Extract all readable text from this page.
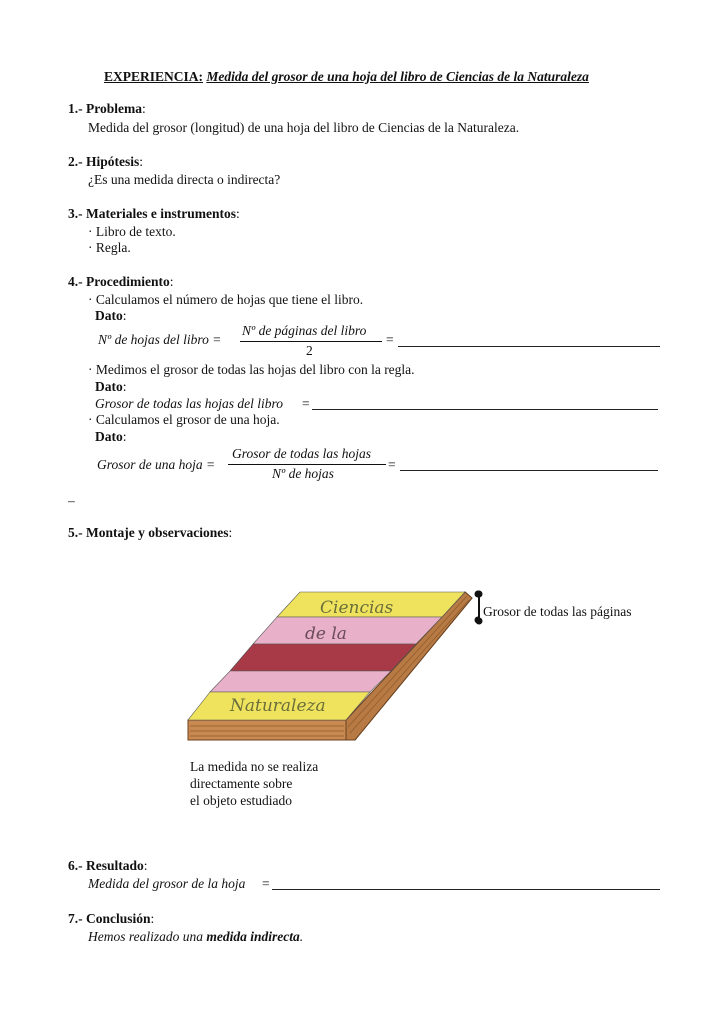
EXPERIENCIA: Medida del grosor de una hoja del libro de Ciencias de la Naturaleza
1.- Problema:
Medida del grosor (longitud) de una hoja del libro de Ciencias de la Naturaleza.
2.- Hipótesis:
¿Es una medida directa o indirecta?
3.- Materiales e instrumentos:
· Libro de texto.
· Regla.
4.- Procedimiento:
· Calculamos el número de hojas que tiene el libro.
Dato:
Nº de hojas del libro =
Nº de páginas del libro
2
=
· Medimos el grosor de todas las hojas del libro con la regla.
Dato:
Grosor de todas las hojas del libro =
· Calculamos el grosor de una hoja.
Dato:
Grosor de una hoja =
Grosor de todas las hojas
Nº de hojas
=
–
5.- Montaje y observaciones:
Ciencias
de la
Naturaleza
Grosor de todas las páginas
La medida no se realiza
directamente sobre
el objeto estudiado
6.- Resultado:
Medida del grosor de la hoja =
7.- Conclusión:
Hemos realizado una medida indirecta.
